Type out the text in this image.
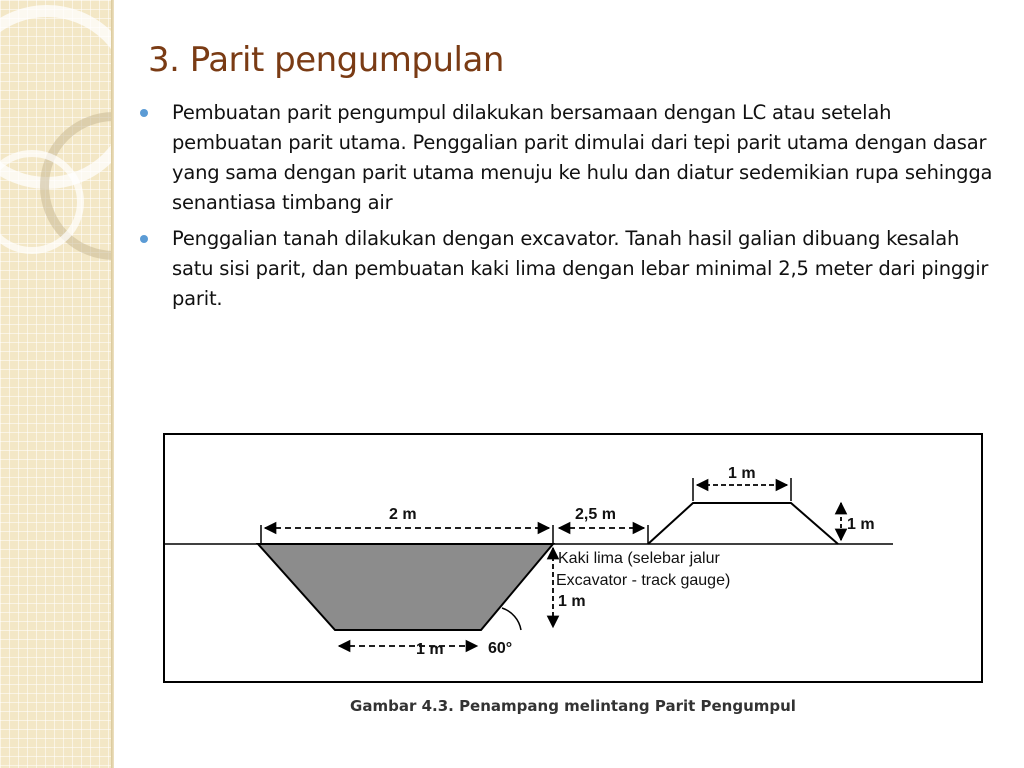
3. Parit pengumpulan
Pembuatan parit pengumpul dilakukan bersamaan dengan LC atau setelah pembuatan parit utama. Penggalian parit dimulai dari tepi parit utama dengan dasar yang sama dengan parit utama menuju ke hulu dan diatur sedemikian rupa sehingga senantiasa timbang air
Penggalian tanah dilakukan dengan excavator. Tanah hasil galian dibuang kesalah satu sisi parit, dan pembuatan kaki lima dengan lebar minimal 2,5 meter dari pinggir parit.
2 m	2,5 m
1 m
1 m
1 m
Kaki lima (selebar jalur
Excavator - track gauge)
1 m	60°
Gambar 4.3. Penampang melintang Parit Pengumpul
